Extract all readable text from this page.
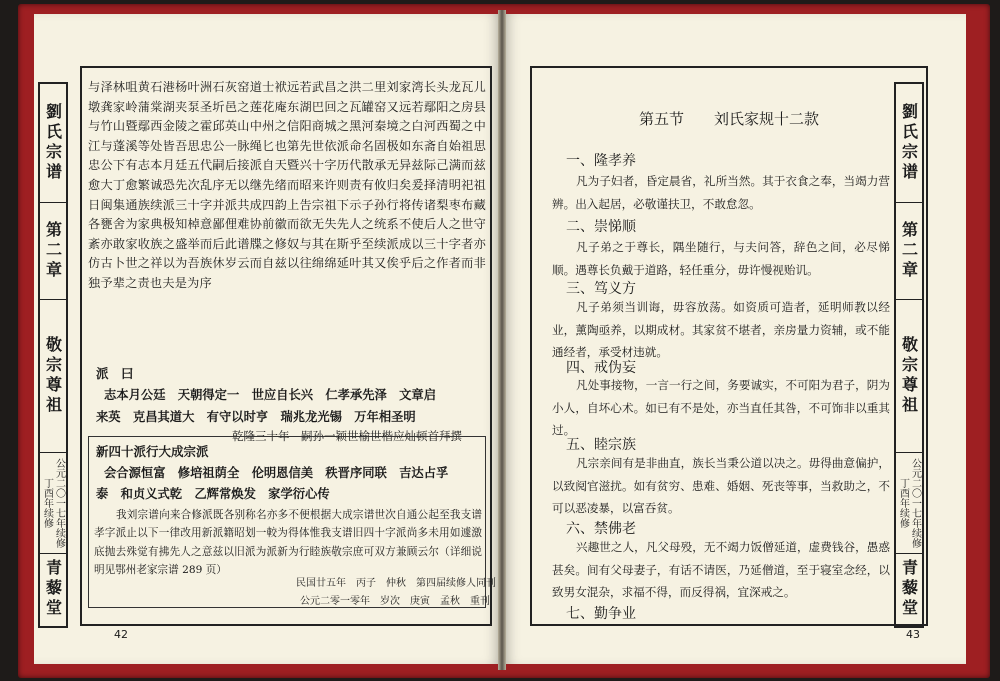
劉氏宗谱
第二章
敬宗尊祖
丁酉年续修 公元二〇一七年续修
青藜堂
与泽林咀黄石港杨叶洲石灰窑道士袱远若武昌之洪二里刘家湾长头龙瓦儿墩龚家岭蒲棠湖夹泵圣圻邑之莲花庵东湖巴回之瓦罐窑又远若鄢阳之房县与竹山暨鄢西金陵之霍邱英山中州之信阳商城之黑河秦境之白河西蜀之中江与蓬溪等处皆吾思忠公一脉绳匕也第先世依派命名固极如东斋自始祖思忠公下有志本月廷五代嗣后接派自天暨兴十字历代散承无异兹际己满而兹愈大丁愈繁诚恐先次乱序无以继先绪而昭来许则责有攸归矣爰择清明祀祖日闽集通族续派三十字并派共成四韵上告宗祖下示子孙行将传诸梨枣布藏各甕舍为家典极知棹意鄙俚难协前徽而欲无失先人之统系不使后人之世守紊亦敢家收族之盛举而后此谱牒之修奴与其在斯乎至续派成以三十字者亦仿古卜世之祥以为吾族休岁云而自兹以往绵绵延叶其又俟乎后之作者而非独予辈之责也夫是为序
派　曰
志本月公廷　天朝得定一　世应自长兴　仁孝承先泽　文章启
来英　克昌其道大　有守以时亨　瑞兆龙光锡　万年相圣明
乾隆三十年　嗣孙一颖世榆世楷应灿顿首拜撰
新四十派行大成宗派
会合源恒富　修培祖荫全　伦明恩信美　秩晋序同联　吉达占孚
泰　和贞义式乾　乙辉常焕发　家学衍心传
我刘宗谱向来合修派既各别称名亦多不便根据大成宗谱世次自通公起至我支谱孝字派止以下一律改用新派籍昭划一較为得体惟我支谱旧四十字派尚多未用如遽激底抛去殊觉有拂先人之意兹以旧派为派新为行睦族敬宗庶可双方兼顾云尔（详细说明见鄂州老家宗谱 289 页）
民国廿五年　丙子　仲秋　第四届续修人同刊
公元二零一零年　岁次　庚寅　孟秋　重刊
42
劉氏宗谱
第二章
敬宗尊祖
丁酉年续修 公元二〇一七年续修
青藜堂
第五节　　刘氏家规十二款
一、隆孝养
凡为子妇者，昏定晨省，礼所当然。其于衣食之奉，当竭力营辨。出入起居，必敬谨扶卫，不敢怠忽。
二、崇悌顺
凡子弟之于尊长，隅坐随行，与夫问答，辞色之间，必尽悌顺。遇尊长负戴于道路，轻任重分，毋许慢视贻讥。
三、笃义方
凡子弟须当训诲，毋容放荡。如资质可造者，延明师教以经业，薰陶亟养，以期成材。其家贫不堪者，亲房量力资辅，或不能通经者，承受材违就。
四、戒伪妄
凡处事接物，一言一行之间，务要诚实，不可阳为君子，阴为小人，自坏心术。如已有不是处，亦当直任其咎，不可饰非以重其过。
五、睦宗族
凡宗亲间有是非曲直，族长当秉公道以决之。毋得曲意偏护，以致阋官滋扰。如有贫穷、患难、婚姻、死丧等事，当救助之，不可以恶凌暴，以富吞贫。
六、禁佛老
兴趣世之人，凡父母殁，无不竭力饭僧延道，虚费钱谷，愚惑甚矣。间有父母妻子，有话不请医，乃延僧道，至于寝室念经，以致男女混杂，求福不得，而反得祸，宜深戒之。
七、勤争业
43
